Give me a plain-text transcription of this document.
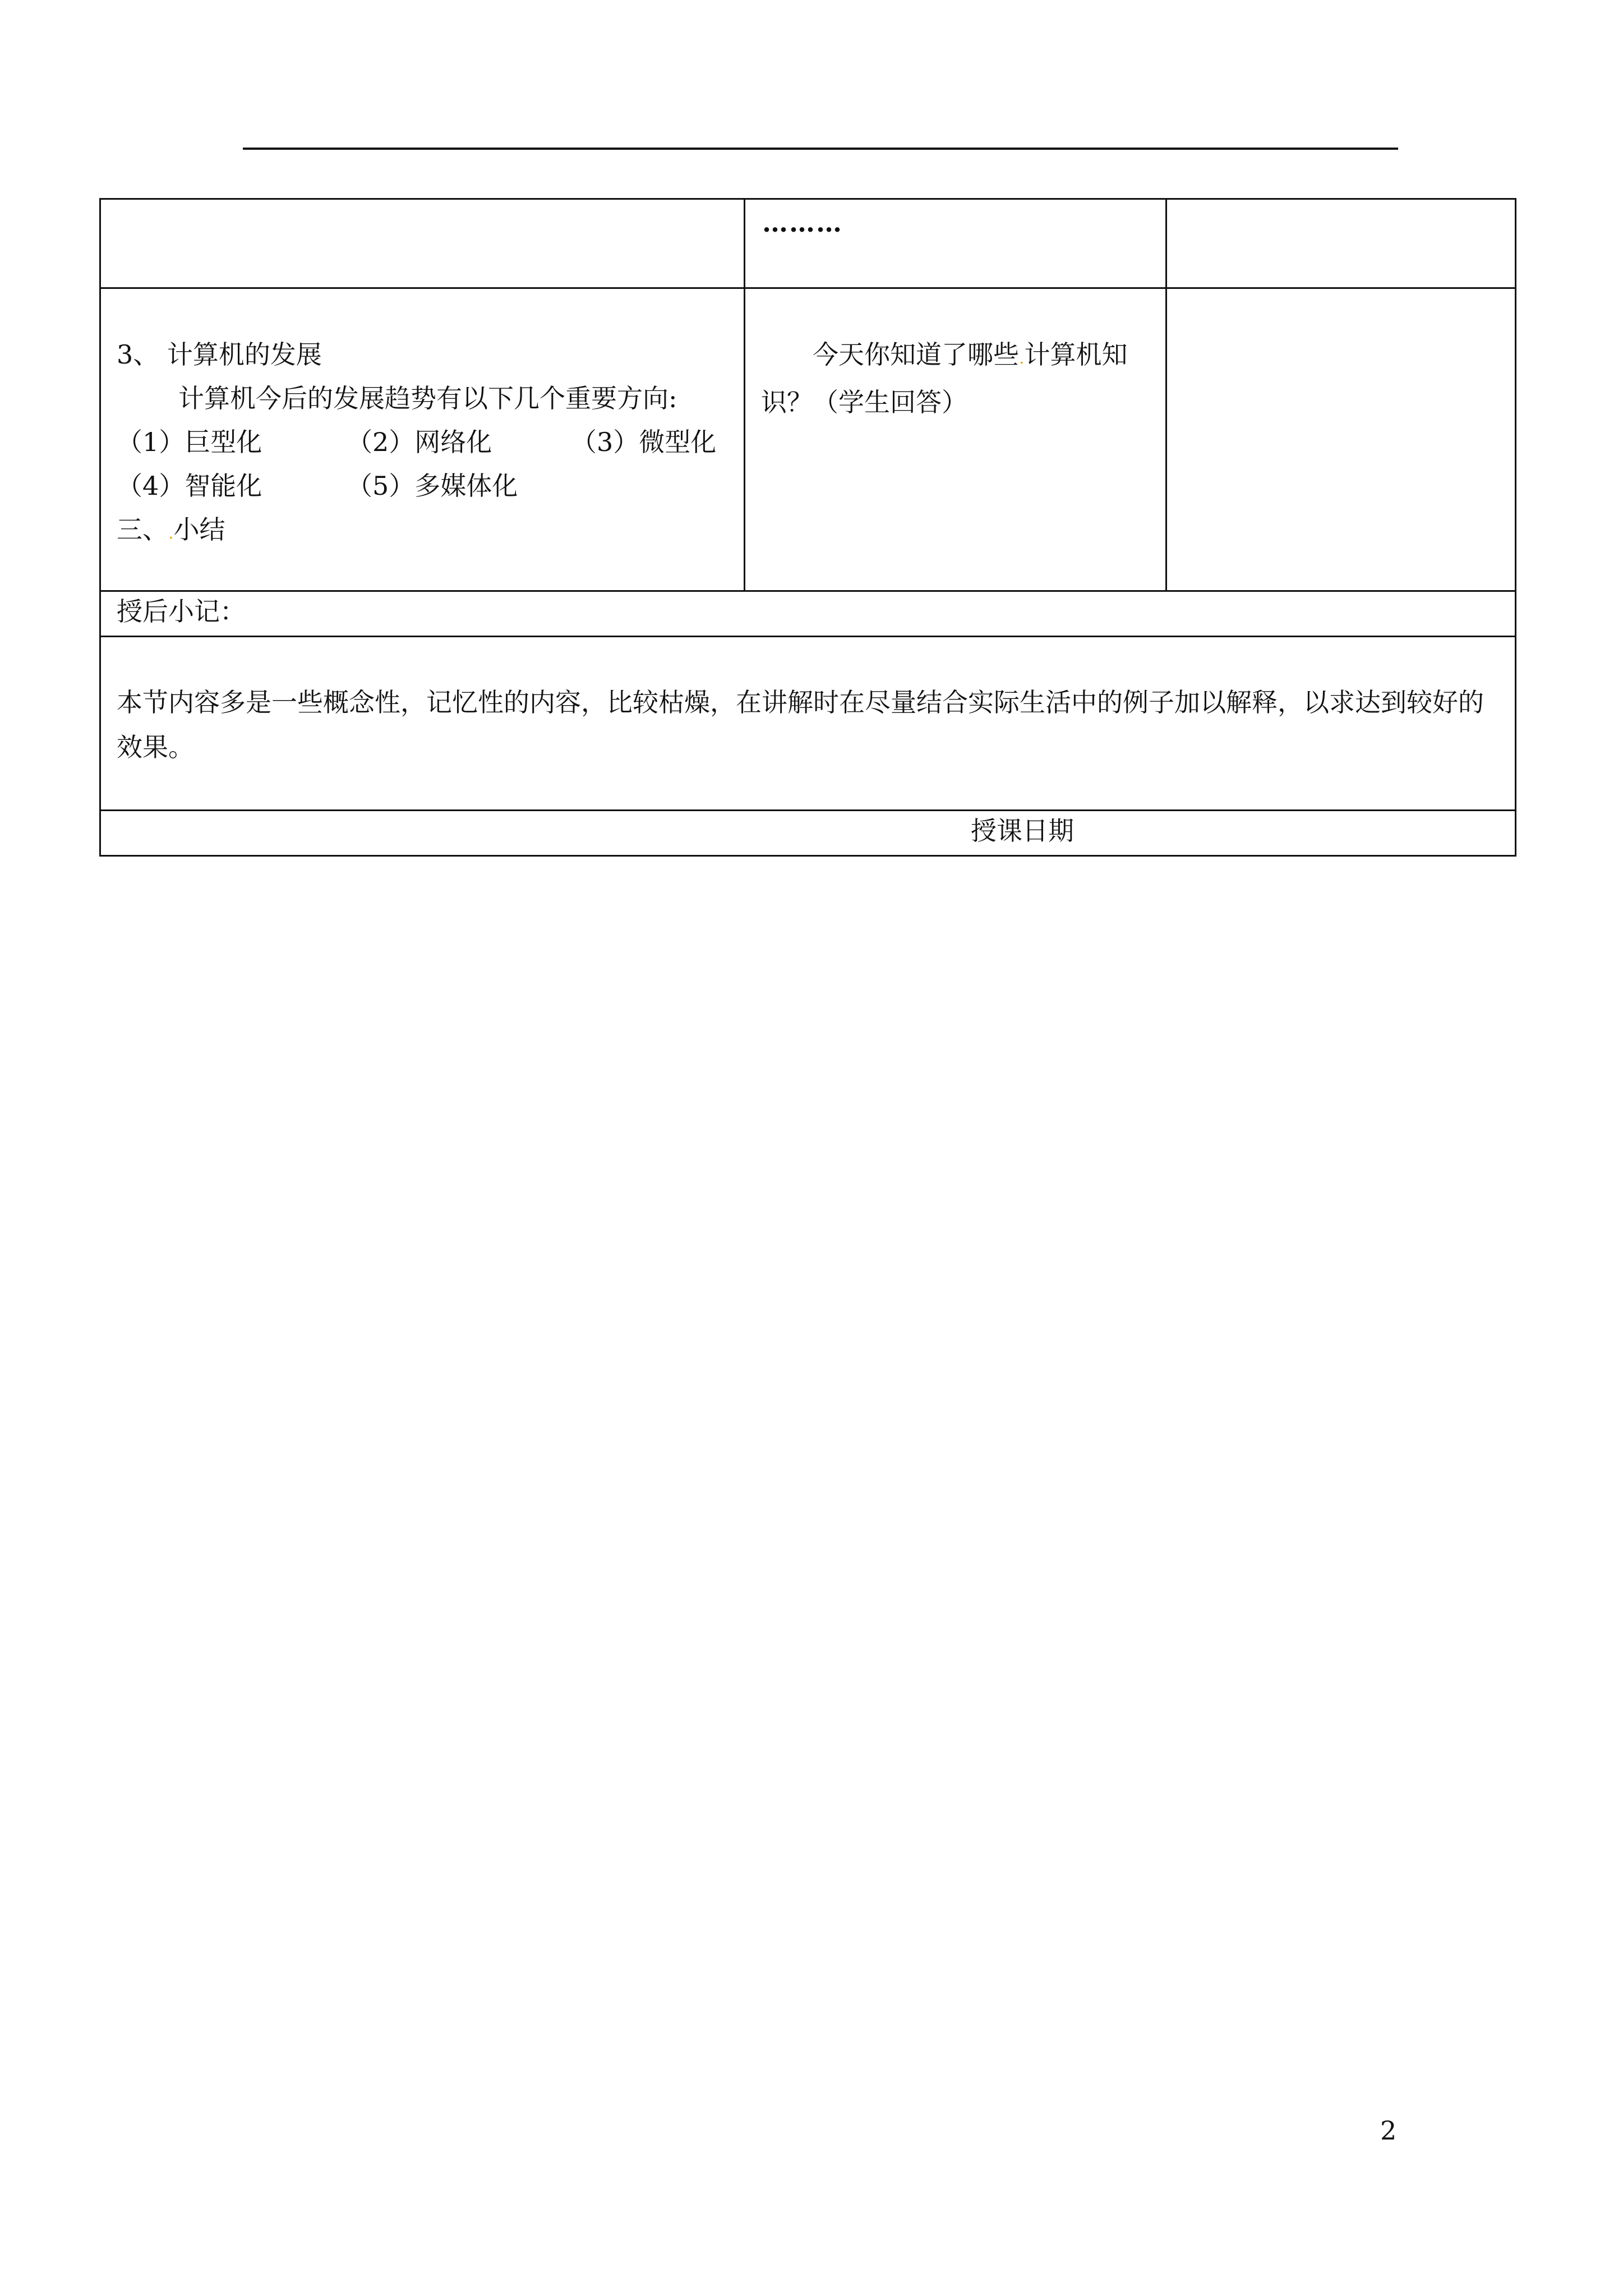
	………	

3、 计算机的发展
计算机今后的发展趋势有以下几个重要方向:
（1）巨型化 （2）网络化 （3）微型化
（4）智能化 （5）多媒体化
三、.小结	今天你知道了哪些.计算机知识？（学生回答）	

授后小记：		

本节内容多是一些概念性，记忆性的内容，比较枯燥，在讲解时在尽量结合实际生活中的例子加以解释，以求达到较好的效果。		

授课日期		
2
